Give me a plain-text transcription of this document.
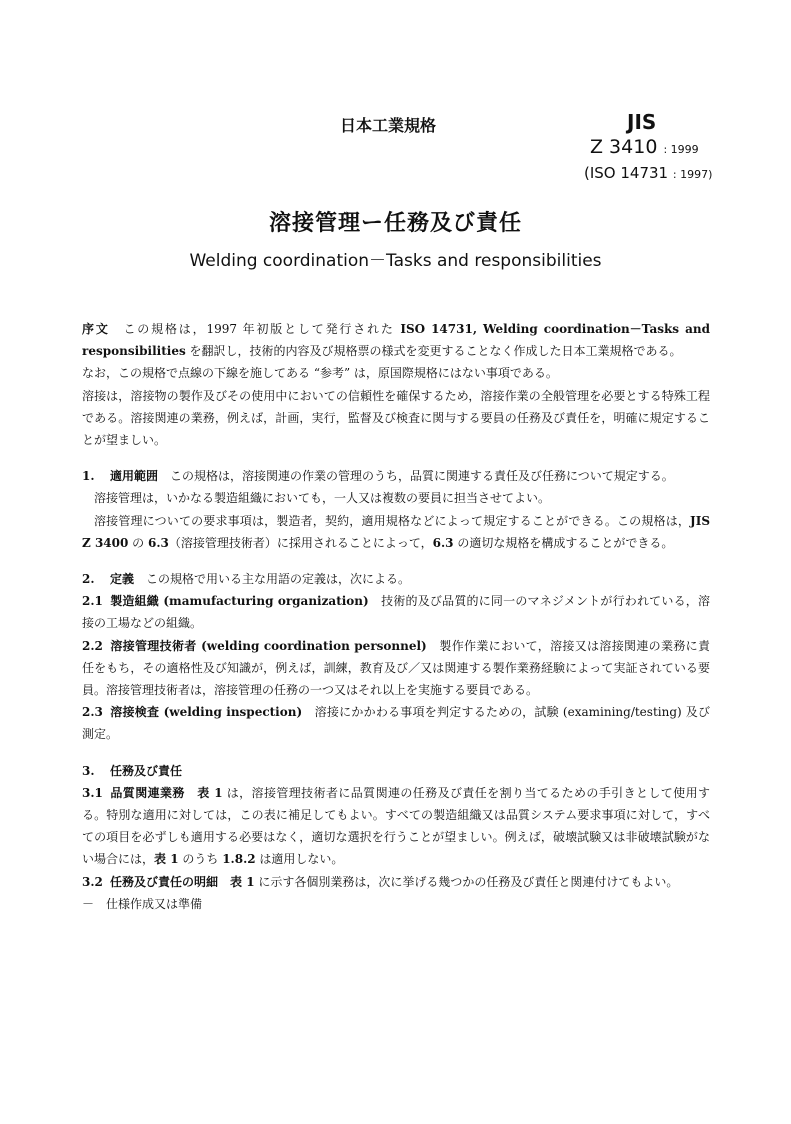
日本工業規格	JIS
Z 3410 : 1999
(ISO 14731 : 1997)
溶接管理ー任務及び責任
Welding coordination－Tasks and responsibilities

序文　 この規格は，1997 年初版として発行された ISO 14731, Welding coordination－Tasks and responsibilities を翻訳し，技術的内容及び規格票の様式を変更することなく作成した日本工業規格である。

なお，この規格で点線の下線を施してある “参考” は，原国際規格にはない事項である。

溶接は，溶接物の製作及びその使用中においての信頼性を確保するため，溶接作業の全般管理を必要とする特殊工程である。溶接関連の業務，例えば，計画，実行，監督及び検査に関与する要員の任務及び責任を，明確に規定することが望ましい。

1. 適用範囲　 この規格は，溶接関連の作業の管理のうち，品質に関連する責任及び任務について規定する。

溶接管理は，いかなる製造組織においても，一人又は複数の要員に担当させてよい。

溶接管理についての要求事項は，製造者，契約，適用規格などによって規定することができる。この規格は，JIS Z 3400 の 6.3（溶接管理技術者）に採用されることによって，6.3 の適切な規格を構成することができる。

2. 定義　 この規格で用いる主な用語の定義は，次による。

2.1 製造組織 (mamufacturing organization)　 技術的及び品質的に同一のマネジメントが行われている，溶接の工場などの組織。

2.2 溶接管理技術者 (welding coordination personnel)　 製作作業において，溶接又は溶接関連の業務に責任をもち，その適格性及び知識が，例えば，訓練，教育及び／又は関連する製作業務経験によって実証されている要員。溶接管理技術者は，溶接管理の任務の一つ又はそれ以上を実施する要員である。

2.3 溶接検査 (welding inspection)　 溶接にかかわる事項を判定するための，試験 (examining/testing) 及び測定。

3. 任務及び責任

3.1 品質関連業務　 表 1 は，溶接管理技術者に品質関連の任務及び責任を割り当てるための手引きとして使用する。特別な適用に対しては，この表に補足してもよい。すべての製造組織又は品質システム要求事項に対して，すべての項目を必ずしも適用する必要はなく，適切な選択を行うことが望ましい。例えば，破壊試験又は非破壊試験がない場合には，表 1 のうち 1.8.2 は適用しない。

3.2 任務及び責任の明細　 表 1 に示す各個別業務は，次に挙げる幾つかの任務及び責任と関連付けてもよい。

－　仕様作成又は準備
